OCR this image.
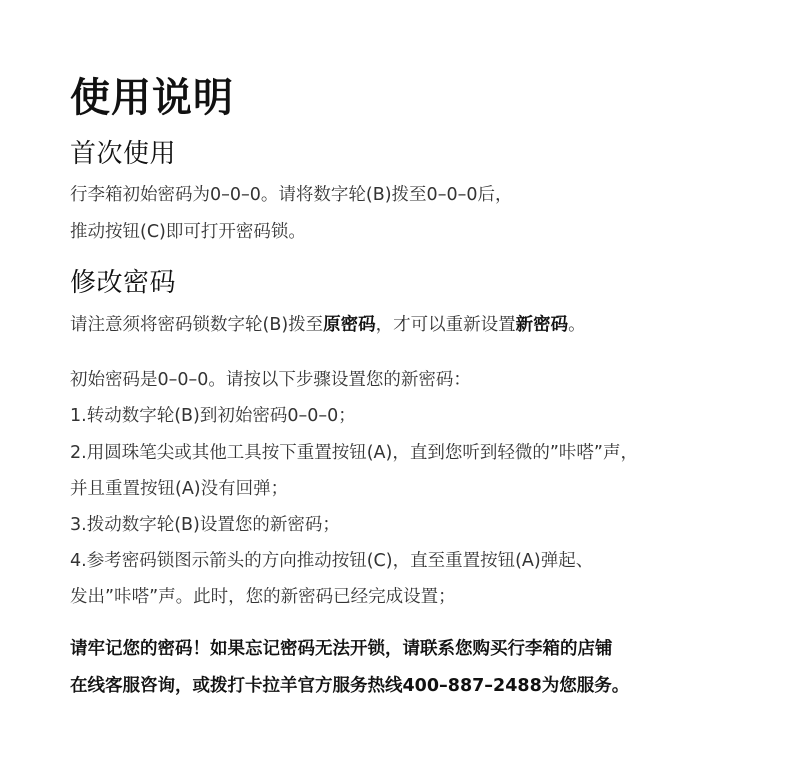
使用说明
首次使用
行李箱初始密码为0–0–0。请将数字轮(B)拨至0–0–0后，
推动按钮(C)即可打开密码锁。
修改密码
请注意须将密码锁数字轮(B)拨至原密码，才可以重新设置新密码。
初始密码是0–0–0。请按以下步骤设置您的新密码：
1.转动数字轮(B)到初始密码0–0–0；
2.用圆珠笔尖或其他工具按下重置按钮(A)，直到您听到轻微的”咔嗒”声，
并且重置按钮(A)没有回弹；
3.拨动数字轮(B)设置您的新密码；
4.参考密码锁图示箭头的方向推动按钮(C)，直至重置按钮(A)弹起、
发出”咔嗒”声。此时，您的新密码已经完成设置；
请牢记您的密码！如果忘记密码无法开锁，请联系您购买行李箱的店铺
在线客服咨询，或拨打卡拉羊官方服务热线400–887–2488为您服务。
